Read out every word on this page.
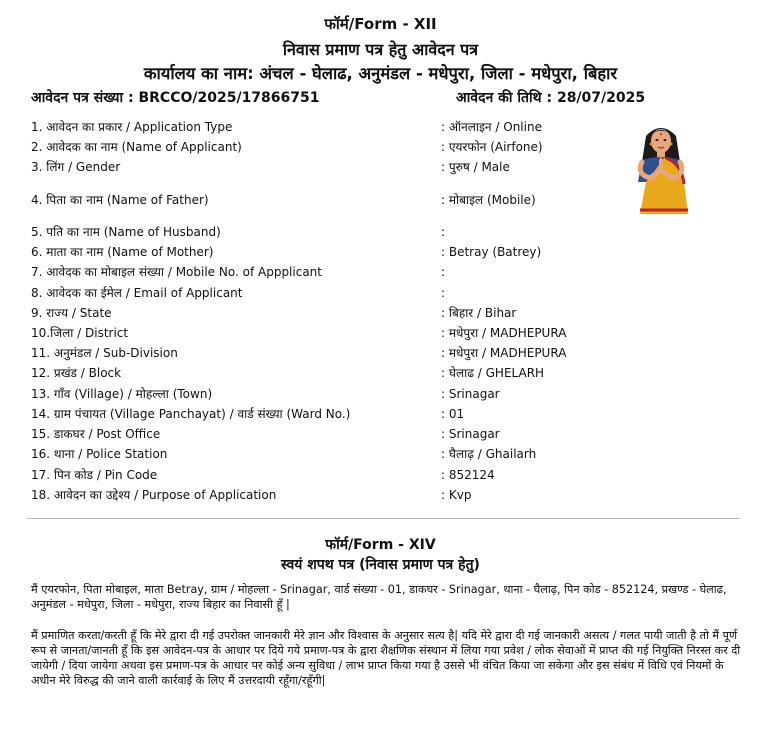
फॉर्म/Form - XII
निवास प्रमाण पत्र हेतु आवेदन पत्र
कार्यालय का नाम: अंचल - घेलाढ, अनुमंडल - मधेपुरा, जिला - मधेपुरा, बिहार
आवेदन पत्र संख्या : BRCCO/2025/17866751	आवेदन की तिथि : 28/07/2025
1. आवेदन का प्रकार / Application Type	: ऑनलाइन / Online
2. आवेदक का नाम (Name of Applicant)	: एयरफोन (Airfone)
3. लिंग / Gender	: पुरुष / Male
4. पिता का नाम (Name of Father)	: मोबाइल (Mobile)
5. पति का नाम (Name of Husband)	:
6. माता का नाम (Name of Mother)	: Betray (Batrey)
7. आवेदक का मोबाइल संख्या / Mobile No. of Appplicant	:
8. आवेदक का ईमेल / Email of Applicant	:
9. राज्य / State	: बिहार / Bihar
10.जिला / District	: मधेपुरा / MADHEPURA
11. अनुमंडल / Sub-Division	: मधेपुरा / MADHEPURA
12. प्रखंड / Block	: घेलाढ / GHELARH
13. गाँव (Village) / मोहल्ला (Town)	: Srinagar
14. ग्राम पंचायत (Village Panchayat) / वार्ड संख्या (Ward No.)	: 01
15. डाकघर / Post Office	: Srinagar
16. थाना / Police Station	: घैलाढ़ / Ghailarh
17. पिन कोड / Pin Code	: 852124
18. आवेदन का उद्देश्य / Purpose of Application	: Kvp
फॉर्म/Form - XIV
स्वयं शपथ पत्र (निवास प्रमाण पत्र हेतु)
मैं एयरफोन, पिता मोबाइल, माता Betray, ग्राम / मोहल्ला - Srinagar, वार्ड संख्या - 01, डाकघर - Srinagar, थाना - घैलाढ़, पिन कोड - 852124, प्रखण्ड - घेलाढ, अनुमंडल - मधेपुरा, जिला - मधेपुरा, राज्य बिहार का निवासी हूँ |
मैं प्रमाणित करता/करती हूँ कि मेरे द्वारा दी गई उपरोक्त जानकारी मेरे ज्ञान और विश्वास के अनुसार सत्य है| यदि मेरे द्वारा दी गई जानकारी असत्य / गलत पायी जाती है तो मैं पूर्ण रूप से जानता/जानती हूँ कि इस आवेदन-पत्र के आधार पर दिये गये प्रमाण-पत्र के द्वारा शैक्षणिक संस्थान में लिया गया प्रवेश / लोक सेवाओं में प्राप्त की गई नियुक्ति निरस्त कर दी जायेगी / दिया जायेगा अथवा इस प्रमाण-पत्र के आधार पर कोई अन्य सुविधा / लाभ प्राप्त किया गया है उससे भी वंचित किया जा सकेगा और इस संबंध में विधि एवं नियमों के अधीन मेरे विरुद्ध की जाने वाली कार्रवाई के लिए मैं उत्तरदायी रहूँगा/रहूँगी|
